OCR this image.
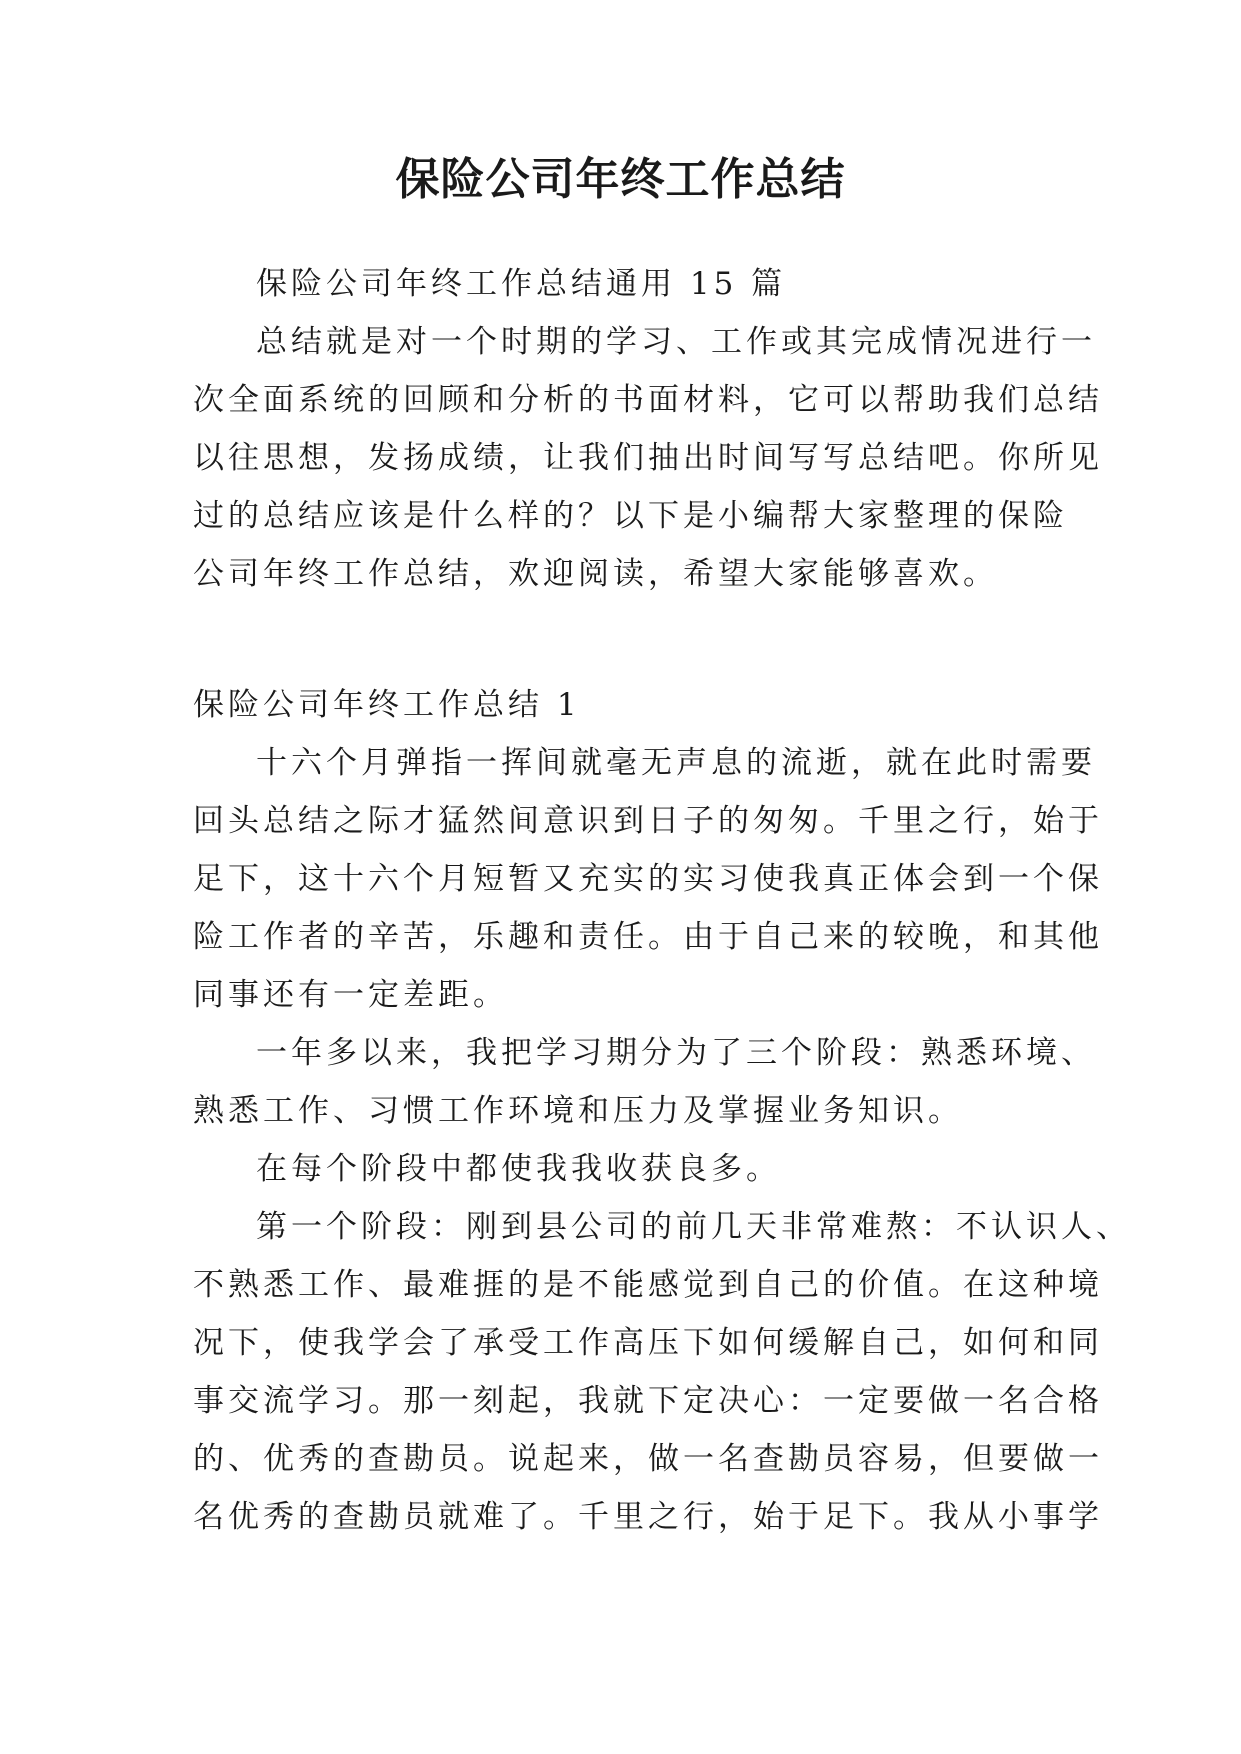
保险公司年终工作总结
保险公司年终工作总结通用 15 篇
总结就是对一个时期的学习、工作或其完成情况进行一
次全面系统的回顾和分析的书面材料，它可以帮助我们总结
以往思想，发扬成绩，让我们抽出时间写写总结吧。你所见
过的总结应该是什么样的？以下是小编帮大家整理的保险
公司年终工作总结，欢迎阅读，希望大家能够喜欢。
保险公司年终工作总结 1
十六个月弹指一挥间就毫无声息的流逝，就在此时需要
回头总结之际才猛然间意识到日子的匆匆。千里之行，始于
足下，这十六个月短暂又充实的实习使我真正体会到一个保
险工作者的辛苦，乐趣和责任。由于自己来的较晚，和其他
同事还有一定差距。
一年多以来，我把学习期分为了三个阶段：熟悉环境、
熟悉工作、习惯工作环境和压力及掌握业务知识。
在每个阶段中都使我我收获良多。
第一个阶段：刚到县公司的前几天非常难熬：不认识人、
不熟悉工作、最难捱的是不能感觉到自己的价值。在这种境
况下，使我学会了承受工作高压下如何缓解自己，如何和同
事交流学习。那一刻起，我就下定决心：一定要做一名合格
的、优秀的查勘员。说起来，做一名查勘员容易，但要做一
名优秀的查勘员就难了。千里之行，始于足下。我从小事学
